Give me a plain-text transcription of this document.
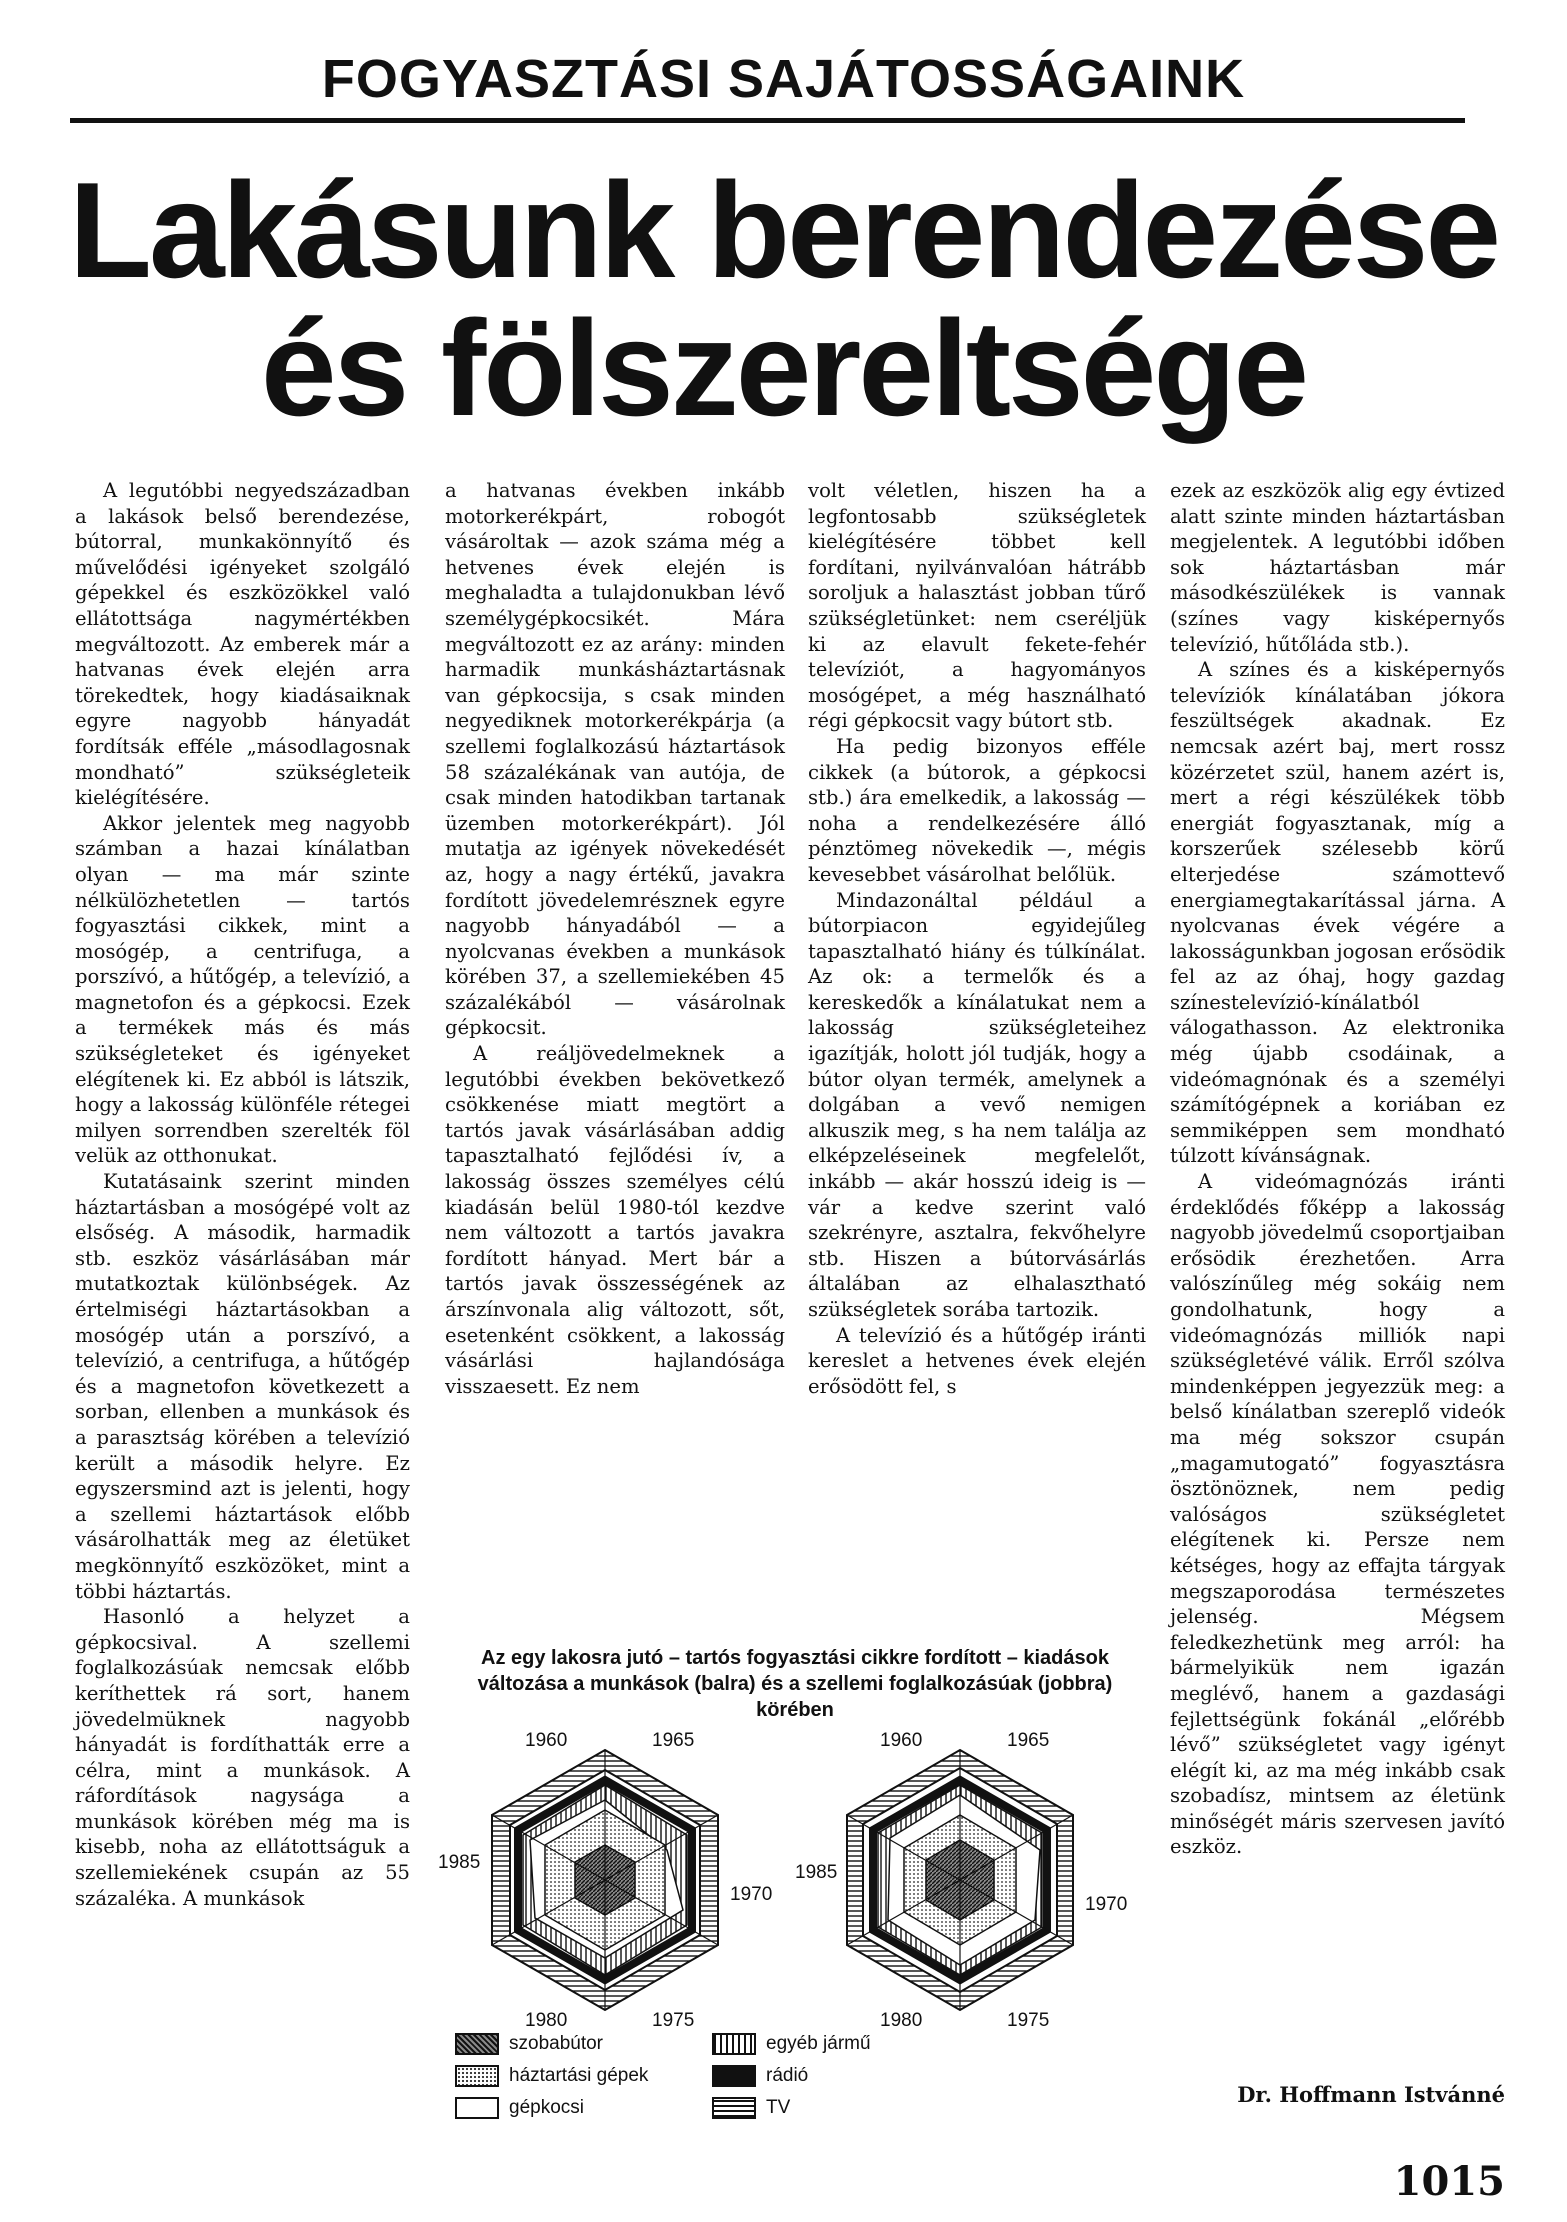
FOGYASZTÁSI SAJÁTOSSÁGAINK
Lakásunk berendezése
és fölszereltsége

A legutóbbi negyedszázadban a lakások belső berendezése, bútorral, munkakönnyítő és művelődési igényeket szolgáló gépekkel és eszközökkel való ellátottsága nagymértékben megváltozott. Az emberek már a hatvanas évek elején arra törekedtek, hogy kiadásaiknak egyre nagyobb hányadát fordítsák efféle „másodlagosnak mondható” szükségleteik kielégítésére.

Akkor jelentek meg nagyobb számban a hazai kínálatban olyan — ma már szinte nélkülözhetetlen — tartós fogyasztási cikkek, mint a mosógép, a centrifuga, a porszívó, a hűtőgép, a televízió, a magnetofon és a gépkocsi. Ezek a termékek más és más szükségleteket és igényeket elégítenek ki. Ez abból is látszik, hogy a lakosság különféle rétegei milyen sorrendben szerelték föl velük az otthonukat.

Kutatásaink szerint minden háztartásban a mosógépé volt az elsőség. A második, harmadik stb. eszköz vásárlásában már mutatkoztak különbségek. Az értelmiségi háztartásokban a mosógép után a porszívó, a televízió, a centrifuga, a hűtőgép és a magnetofon következett a sorban, ellenben a munkások és a parasztság körében a televízió került a második helyre. Ez egyszersmind azt is jelenti, hogy a szellemi háztartások előbb vásárolhatták meg az életüket megkönnyítő eszközöket, mint a többi háztartás.

Hasonló a helyzet a gépkocsival. A szellemi foglalkozásúak nemcsak előbb keríthettek rá sort, hanem jövedelmüknek nagyobb hányadát is fordíthatták erre a célra, mint a munkások. A ráfordítások nagysága a munkások körében még ma is kisebb, noha az ellátottságuk a szellemiekének csupán az 55 százaléka. A munkások

a hatvanas években inkább motorkerékpárt, robogót vásároltak — azok száma még a hetvenes évek elején is meghaladta a tulajdonukban lévő személygépkocsikét. Mára megváltozott ez az arány: minden harmadik munkásháztartásnak van gépkocsija, s csak minden negyediknek motorkerékpárja (a szellemi foglalkozású háztartások 58 százalékának van autója, de csak minden hatodikban tartanak üzemben motorkerékpárt). Jól mutatja az igények növekedését az, hogy a nagy értékű, javakra fordított jövedelemrésznek egyre nagyobb hányadából — a nyolcvanas években a munkások körében 37, a szellemiekében 45 százalékából — vásárolnak gépkocsit.

A reáljövedelmeknek a legutóbbi években bekövetkező csökkenése miatt megtört a tartós javak vásárlásában addig tapasztalható fejlődési ív, a lakosság összes személyes célú kiadásán belül 1980-tól kezdve nem változott a tartós javakra fordított hányad. Mert bár a tartós javak összességének az árszínvonala alig változott, sőt, esetenként csökkent, a lakosság vásárlási hajlandósága visszaesett. Ez nem

volt véletlen, hiszen ha a legfontosabb szükségletek kielégítésére többet kell fordítani, nyilvánvalóan hátrább soroljuk a halasztást jobban tűrő szükségletünket: nem cseréljük ki az elavult fekete-fehér televíziót, a hagyományos mosógépet, a még használható régi gépkocsit vagy bútort stb.

Ha pedig bizonyos efféle cikkek (a bútorok, a gépkocsi stb.) ára emelkedik, a lakosság — noha a rendelkezésére álló pénztömeg növekedik —, mégis kevesebbet vásárolhat belőlük.

Mindazonáltal például a bútorpiacon egyidejűleg tapasztalható hiány és túlkínálat. Az ok: a termelők és a kereskedők a kínálatukat nem a lakosság szükségleteihez igazítják, holott jól tudják, hogy a bútor olyan termék, amelynek a dolgában a vevő nemigen alkuszik meg, s ha nem találja az elképzeléseinek megfelelőt, inkább — akár hosszú ideig is — vár a kedve szerint való szekrényre, asztalra, fekvőhelyre stb. Hiszen a bútorvásárlás általában az elhalasztható szükségletek sorába tartozik.

A televízió és a hűtőgép iránti kereslet a hetvenes évek elején erősödött fel, s

ezek az eszközök alig egy évtized alatt szinte minden háztartásban megjelentek. A legutóbbi időben sok háztartásban már másodkészülékek is vannak (színes vagy kisképernyős televízió, hűtőláda stb.).

A színes és a kisképernyős televíziók kínálatában jókora feszültségek akadnak. Ez nemcsak azért baj, mert rossz közérzetet szül, hanem azért is, mert a régi készülékek több energiát fogyasztanak, míg a korszerűek szélesebb körű elterjedése számottevő energiamegtakarítással járna. A nyolcvanas évek végére a lakosságunkban jogosan erősödik fel az az óhaj, hogy gazdag színestelevízió-kínálatból válogathasson. Az elektronika még újabb csodáinak, a videómagnónak és a személyi számítógépnek a koriában ez semmiképpen sem mondható túlzott kívánságnak.

A videómagnózás iránti érdeklődés főképp a lakosság nagyobb jövedelmű csoportjaiban erősödik érezhetően. Arra valószínűleg még sokáig nem gondolhatunk, hogy a videómagnózás milliók napi szükségletévé válik. Erről szólva mindenképpen jegyezzük meg: a belső kínálatban szereplő videók ma még sokszor csupán „magamutogató” fogyasztásra ösztönöznek, nem pedig valóságos szükségletet elégítenek ki. Persze nem kétséges, hogy az effajta tárgyak megszaporodása természetes jelenség. Mégsem feledkezhetünk meg arról: ha bármelyikük nem igazán meglévő, hanem a gazdasági fejlettségünk fokánál „előrébb lévő” szükségletet vagy igényt elégít ki, az ma még inkább csak szobadísz, mintsem az életünk minőségét máris szervesen javító eszköz.

Az egy lakosra jutó – tartós fogyasztási cikkre fordított – kiadások változása a munkások (balra) és a szellemi foglalkozásúak (jobbra) körében
1960	1965
1970
1975
1980
1985
1960	1965
1970
1975
1980
1985
szobabútor
háztartási gépek
gépkocsi
egyéb jármű
rádió
TV
Dr. Hoffmann Istvánné
1015
